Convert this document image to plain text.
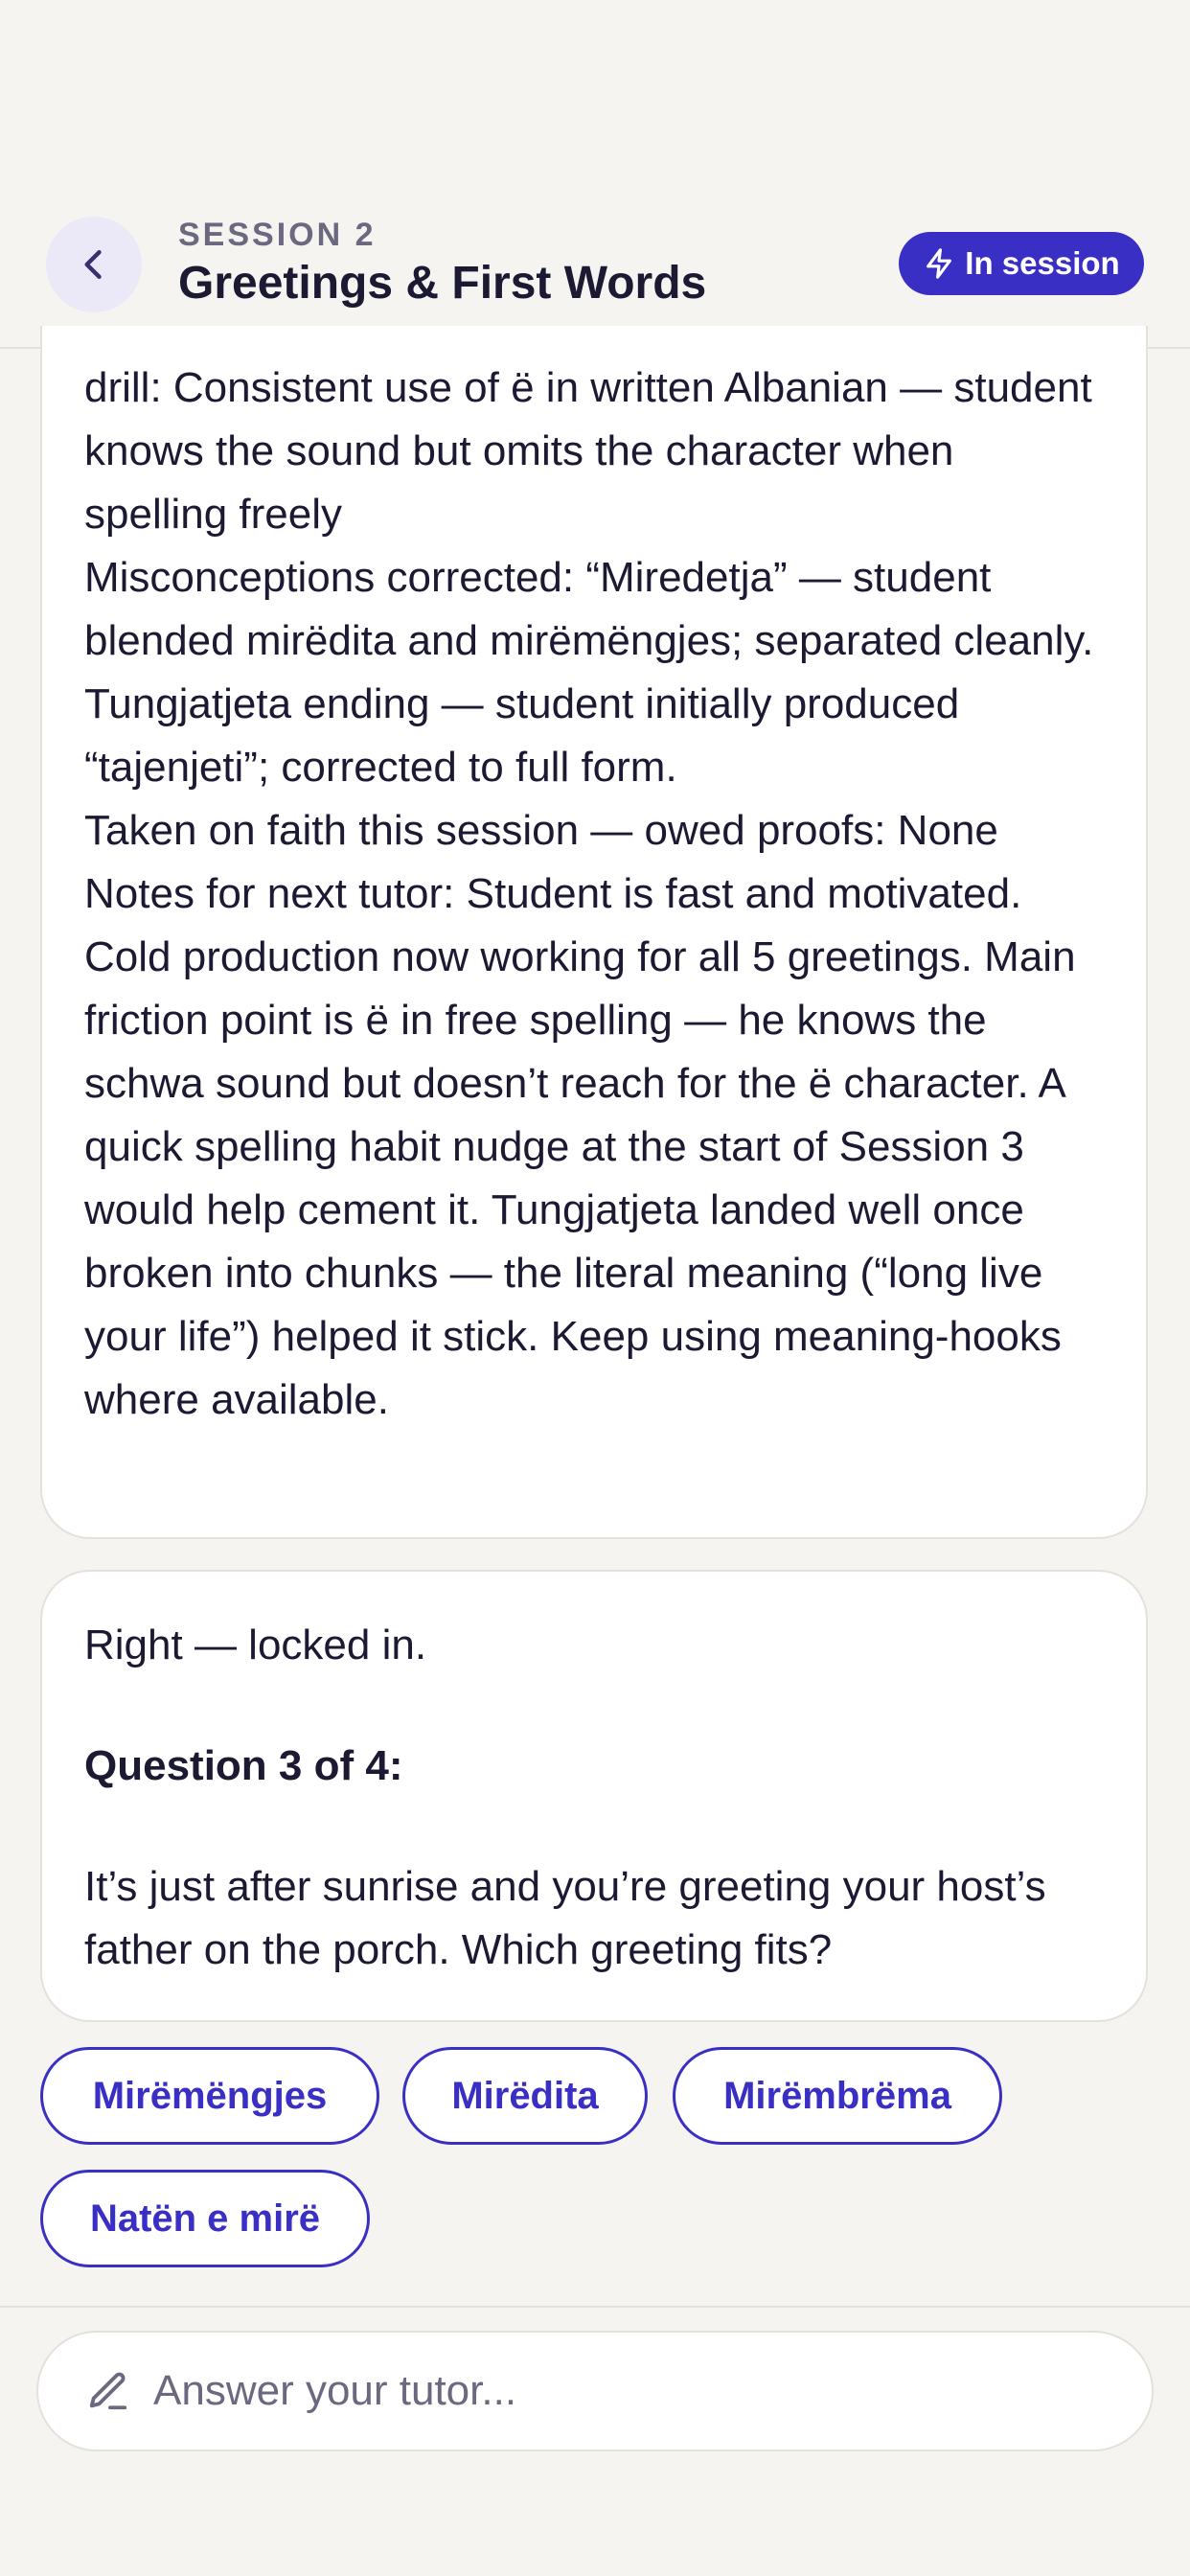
SESSION 2
Greetings & First Words	In session

drill: Consistent use of ë in written Albanian — student knows the sound but omits the character when spelling freely

Misconceptions corrected: “Miredetja” — student blended mirëdita and mirëmëngjes; separated cleanly. Tungjatjeta ending — student initially produced “tajenjeti”; corrected to full form.

Taken on faith this session — owed proofs: None

Notes for next tutor: Student is fast and motivated. Cold production now working for all 5 greetings. Main friction point is ë in free spelling — he knows the schwa sound but doesn’t reach for the ë character. A quick spelling habit nudge at the start of Session 3 would help cement it. Tungjatjeta landed well once broken into chunks — the literal meaning (“long live your life”) helped it stick. Keep using meaning-hooks where available.

Right — locked in.

Question 3 of 4:

It’s just after sunrise and you’re greeting your host’s father on the porch. Which greeting fits?

Mirëmëngjes	Mirëdita	Mirëmbrëma
Natën e mirë
Answer your tutor...
